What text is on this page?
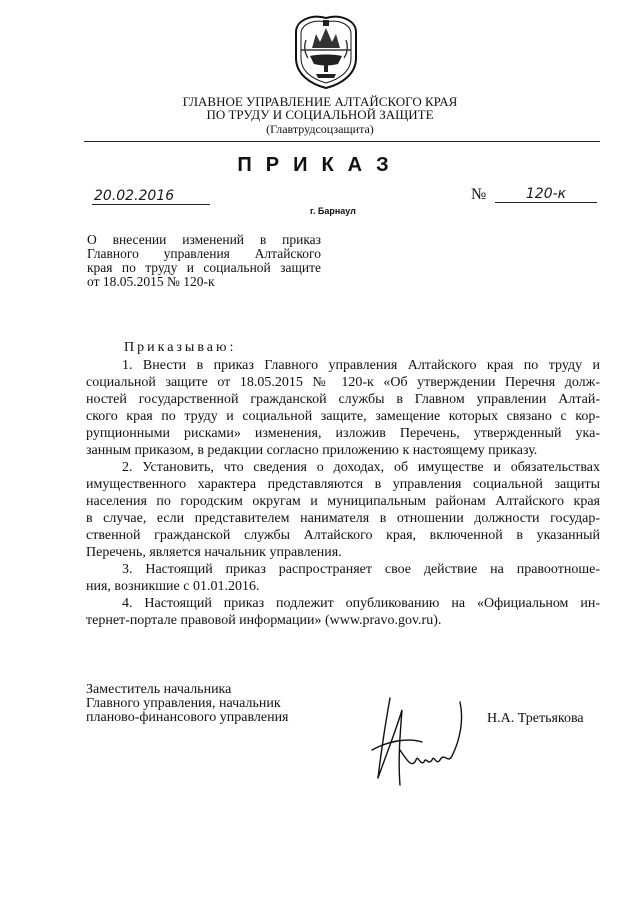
ГЛАВНОЕ УПРАВЛЕНИЕ АЛТАЙСКОГО КРАЯ
ПО ТРУДУ И СОЦИАЛЬНОЙ ЗАЩИТЕ
(Главтрудсоцзащита)
ПРИКАЗ
20.02.2016	№	120-к
г. Барнаул
О внесении изменений в приказ
Главного управления Алтайского
края по труду и социальной защите
от 18.05.2015 № 120-к
Приказываю:
1. Внести в приказ Главного управления Алтайского края по труду и
социальной защите от 18.05.2015 № 120-к «Об утверждении Перечня долж-
ностей государственной гражданской службы в Главном управлении Алтай-
ского края по труду и социальной защите, замещение которых связано с кор-
рупционными рисками» изменения, изложив Перечень, утвержденный ука-
занным приказом, в редакции согласно приложению к настоящему приказу.
2. Установить, что сведения о доходах, об имуществе и обязательствах
имущественного характера представляются в управления социальной защиты
населения по городским округам и муниципальным районам Алтайского края
в случае, если представителем нанимателя в отношении должности государ-
ственной гражданской службы Алтайского края, включенной в указанный
Перечень, является начальник управления.
3. Настоящий приказ распространяет свое действие на правоотноше-
ния, возникшие с 01.01.2016.
4. Настоящий приказ подлежит опубликованию на «Официальном ин-
тернет-портале правовой информации» (www.pravo.gov.ru).
Заместитель начальника
Главного управления, начальник
планово-финансового управления	Н.А. Третьякова
